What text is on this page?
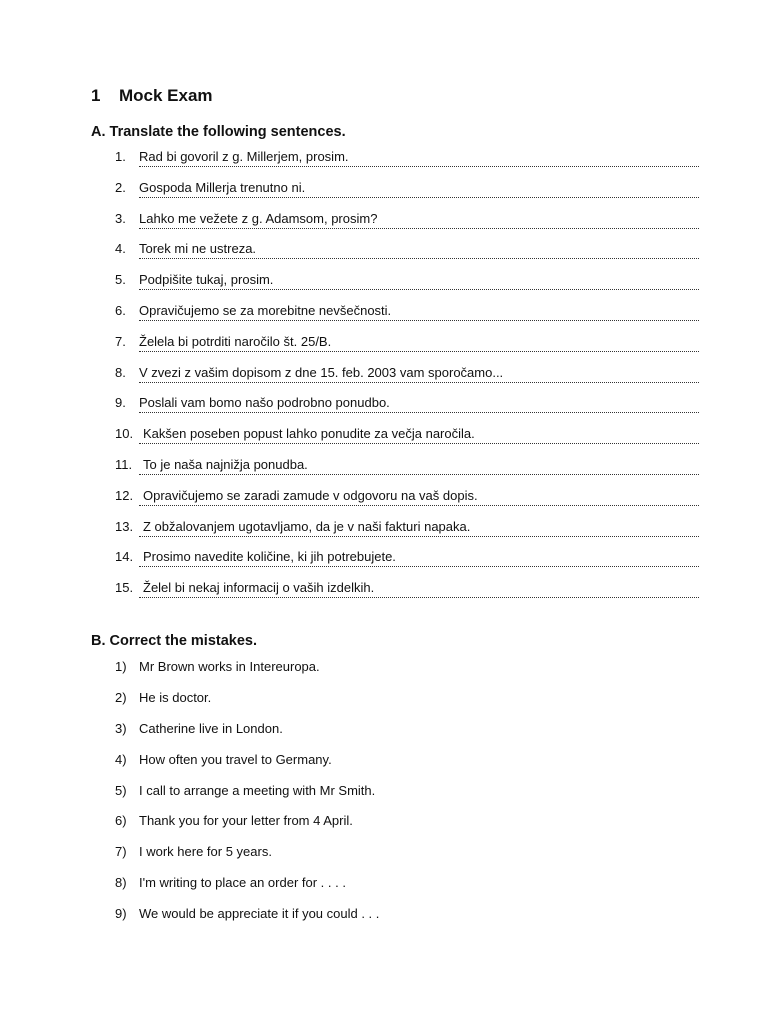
1 Mock Exam
A. Translate the following sentences.
1. Rad bi govoril z g. Millerjem, prosim.
2. Gospoda Millerja trenutno ni.
3. Lahko me vežete z g. Adamsom, prosim?
4. Torek mi ne ustreza.
5. Podpišite tukaj, prosim.
6. Opravičujemo se za morebitne nevšečnosti.
7. Želela bi potrditi naročilo št. 25/B.
8. V zvezi z vašim dopisom z dne 15. feb. 2003 vam sporočamo...
9. Poslali vam bomo našo podrobno ponudbo.
10. Kakšen poseben popust lahko ponudite za večja naročila.
11. To je naša najnižja ponudba.
12. Opravičujemo se zaradi zamude v odgovoru na vaš dopis.
13. Z obžalovanjem ugotavljamo, da je v naši fakturi napaka.
14. Prosimo navedite količine, ki jih potrebujete.
15. Želel bi nekaj informacij o vaših izdelkih.
B. Correct the mistakes.
1) Mr Brown works in Intereuropa.
2) He is doctor.
3) Catherine live in London.
4) How often you travel to Germany.
5) I call to arrange a meeting with Mr Smith.
6) Thank you for your letter from 4 April.
7) I work here for 5 years.
8) I'm writing to place an order for . . . .
9) We would be appreciate it if you could . . .
